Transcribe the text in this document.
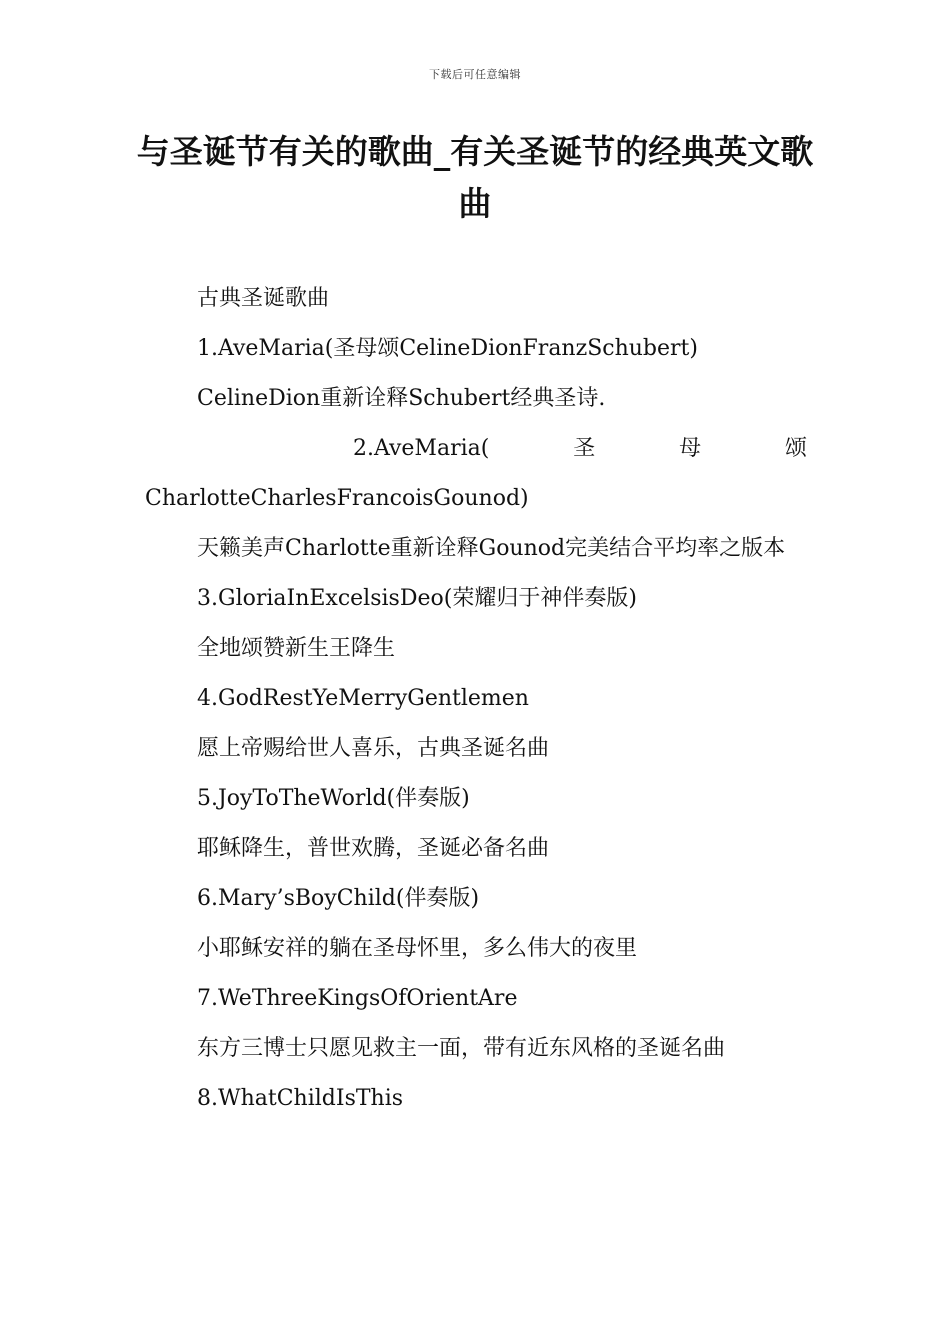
下载后可任意编辑
与圣诞节有关的歌曲_有关圣诞节的经典英文歌曲

古典圣诞歌曲

1.AveMaria(圣母颂CelineDionFranzSchubert)

CelineDion重新诠释Schubert经典圣诗.

2.AveMaria(	圣	母	颂
CharlotteCharlesFrancoisGounod)

天籁美声Charlotte重新诠释Gounod完美结合平均率之版本

3.GloriaInExcelsisDeo(荣耀归于神伴奏版)

全地颂赞新生王降生

4.GodRestYeMerryGentlemen

愿上帝赐给世人喜乐，古典圣诞名曲

5.JoyToTheWorld(伴奏版)

耶稣降生，普世欢腾，圣诞必备名曲

6.Mary’sBoyChild(伴奏版)

小耶稣安祥的躺在圣母怀里，多么伟大的夜里

7.WeThreeKingsOfOrientAre

东方三博士只愿见救主一面，带有近东风格的圣诞名曲

8.WhatChildIsThis
